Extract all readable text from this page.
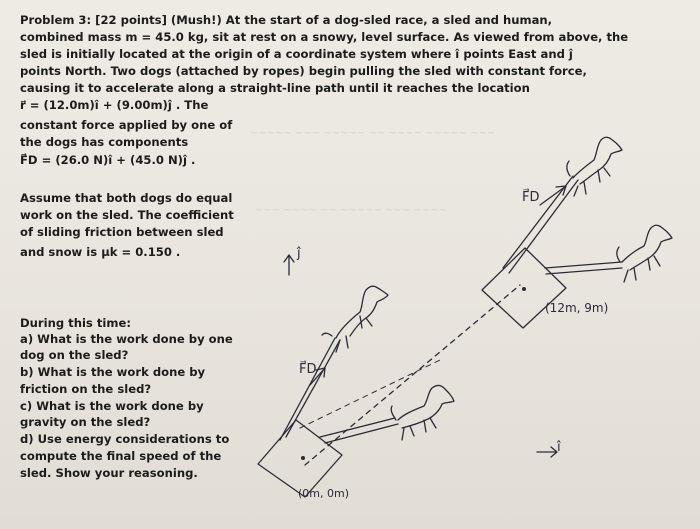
~~~~~ ~~~ ~~~~~ ~~ ~~~~ ~~~~~ ~~~
~~~ ~~~~ ~~ ~~~~~ ~~~ ~~~~
Problem 3: [22 points] (Mush!) At the start of a dog-sled race, a sled and human,
combined mass m = 45.0 kg, sit at rest on a snowy, level surface. As viewed from above, the
sled is initially located at the origin of a coordinate system where î points East and ĵ
points North. Two dogs (attached by ropes) begin pulling the sled with constant force,
causing it to accelerate along a straight-line path until it reaches the location
r⃗ = (12.0m)î + (9.00m)ĵ . The
constant force applied by one of
the dogs has components
F⃗D = (26.0 N)î + (45.0 N)ĵ .
Assume that both dogs do equal
work on the sled. The coefficient
of sliding friction between sled
and snow is μk = 0.150 .
During this time:
a) What is the work done by one
dog on the sled?
b) What is the work done by
friction on the sled?
c) What is the work done by
gravity on the sled?
d) Use energy considerations to
compute the final speed of the
sled. Show your reasoning.
ĵ
î
F⃗D
F⃗D
(12m, 9m)
(0m, 0m)
